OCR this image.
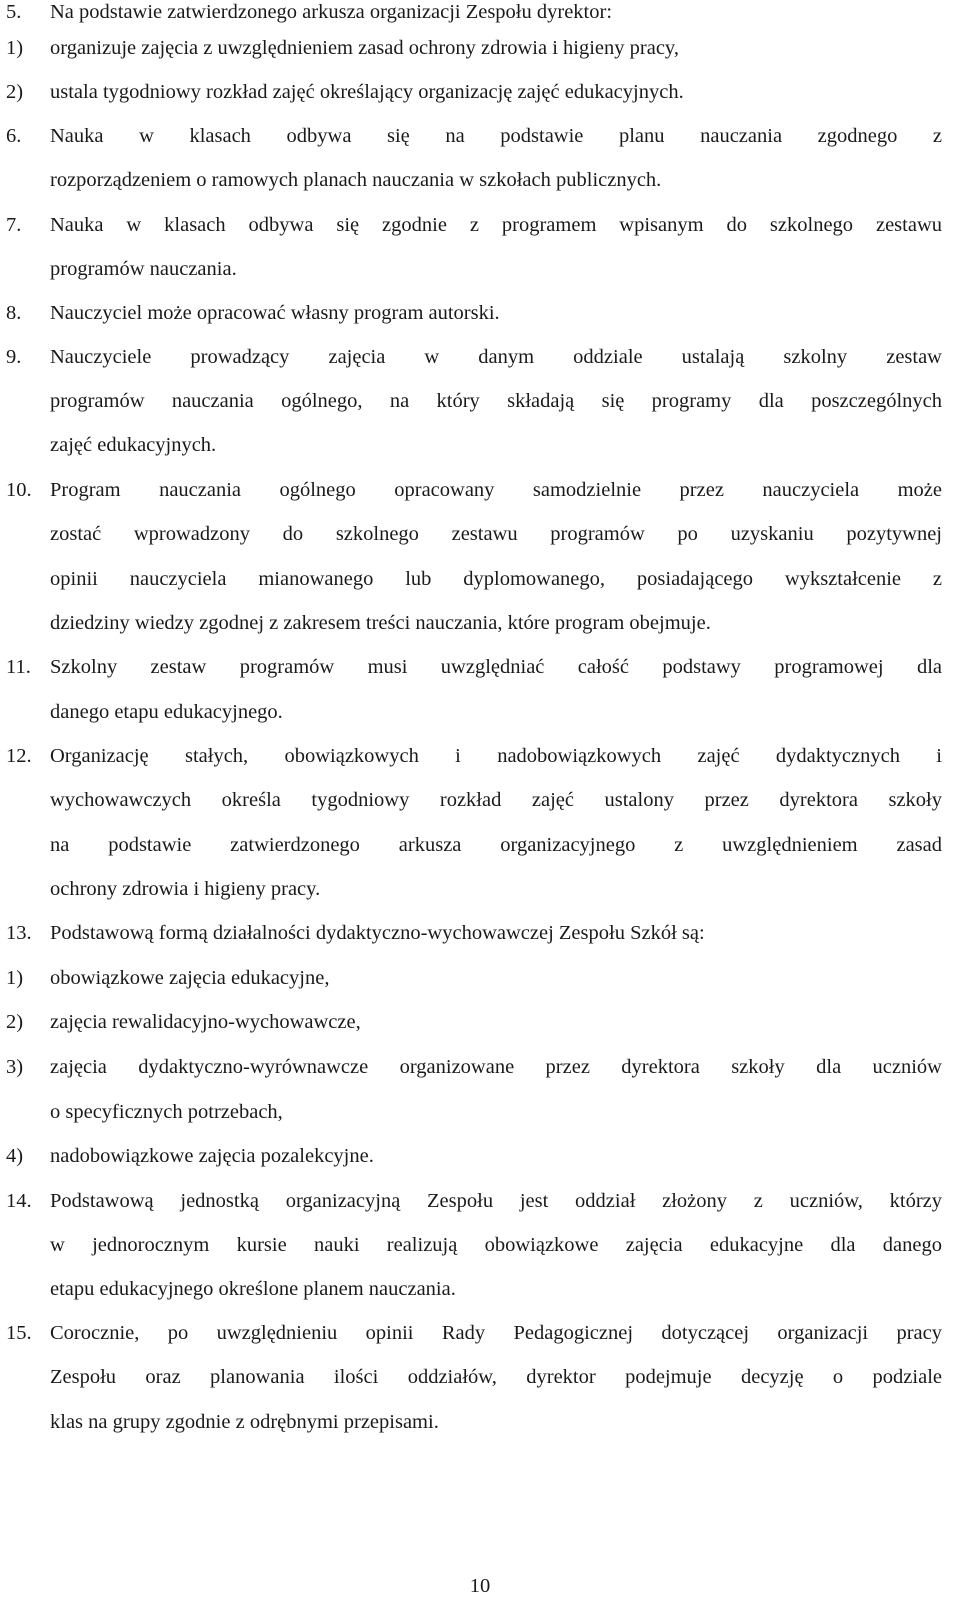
5. Na podstawie zatwierdzonego arkusza organizacji Zespołu dyrektor:
1) organizuje zajęcia z uwzględnieniem zasad ochrony zdrowia i higieny pracy,
2) ustala tygodniowy rozkład zajęć określający organizację zajęć edukacyjnych.
6. Nauka w klasach odbywa się na podstawie planu nauczania zgodnego z
rozporządzeniem o ramowych planach nauczania w szkołach publicznych.
7. Nauka w klasach odbywa się zgodnie z programem wpisanym do szkolnego zestawu
programów nauczania.
8. Nauczyciel może opracować własny program autorski.
9. Nauczyciele prowadzący zajęcia w danym oddziale ustalają szkolny zestaw
programów nauczania ogólnego, na który składają się programy dla poszczególnych
zajęć edukacyjnych.
10. Program nauczania ogólnego opracowany samodzielnie przez nauczyciela może
zostać wprowadzony do szkolnego zestawu programów po uzyskaniu pozytywnej
opinii nauczyciela mianowanego lub dyplomowanego, posiadającego wykształcenie z
dziedziny wiedzy zgodnej z zakresem treści nauczania, które program obejmuje.
11. Szkolny zestaw programów musi uwzględniać całość podstawy programowej dla
danego etapu edukacyjnego.
12. Organizację stałych, obowiązkowych i nadobowiązkowych zajęć dydaktycznych i
wychowawczych określa tygodniowy rozkład zajęć ustalony przez dyrektora szkoły
na podstawie zatwierdzonego arkusza organizacyjnego z uwzględnieniem zasad
ochrony zdrowia i higieny pracy.
13. Podstawową formą działalności dydaktyczno-wychowawczej Zespołu Szkół są:
1) obowiązkowe zajęcia edukacyjne,
2) zajęcia rewalidacyjno-wychowawcze,
3) zajęcia dydaktyczno-wyrównawcze organizowane przez dyrektora szkoły dla uczniów
o specyficznych potrzebach,
4) nadobowiązkowe zajęcia pozalekcyjne.
14. Podstawową jednostką organizacyjną Zespołu jest oddział złożony z uczniów, którzy
w jednorocznym kursie nauki realizują obowiązkowe zajęcia edukacyjne dla danego
etapu edukacyjnego określone planem nauczania.
15. Corocznie, po uwzględnieniu opinii Rady Pedagogicznej dotyczącej organizacji pracy
Zespołu oraz planowania ilości oddziałów, dyrektor podejmuje decyzję o podziale
klas na grupy zgodnie z odrębnymi przepisami.
10
